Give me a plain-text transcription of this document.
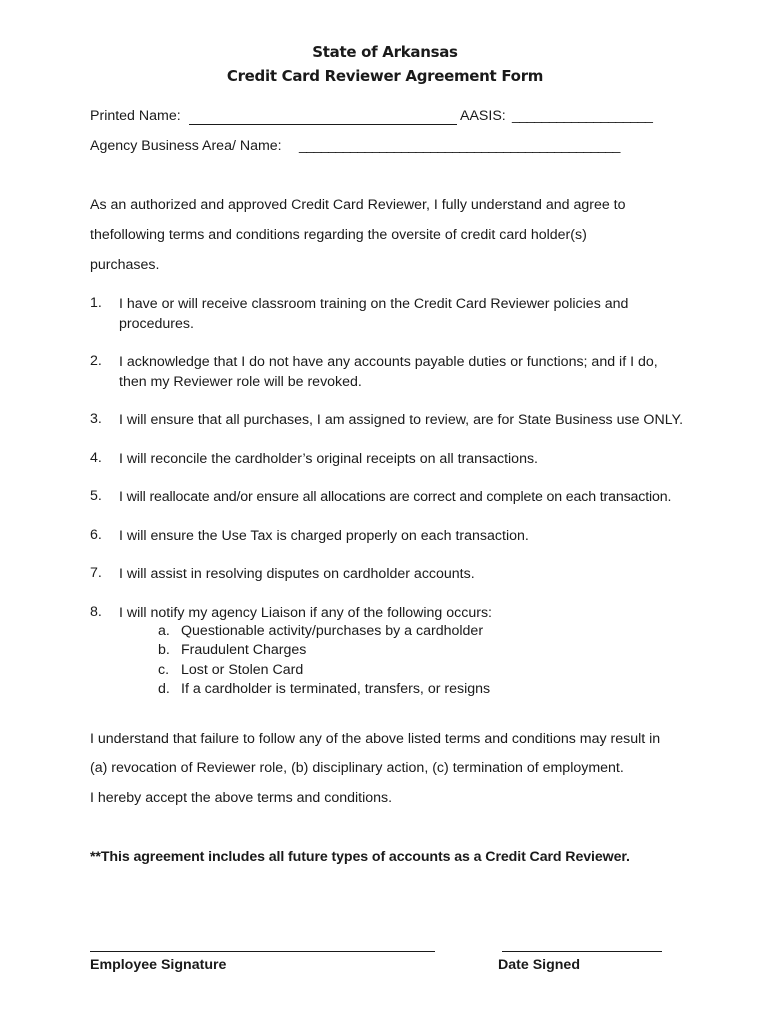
State of Arkansas
Credit Card Reviewer Agreement Form
Printed Name:	AASIS: ___________________
Agency Business Area/ Name: ____________________________________________
As an authorized and approved Credit Card Reviewer, I fully understand and agree to
thefollowing terms and conditions regarding the oversite of credit card holder(s)
purchases.
1. I have or will receive classroom training on the Credit Card Reviewer policies and
procedures.
2. I acknowledge that I do not have any accounts payable duties or functions; and if I do,
then my Reviewer role will be revoked.
3. I will ensure that all purchases, I am assigned to review, are for State Business use ONLY.
4. I will reconcile the cardholder’s original receipts on all transactions.
5. I will reallocate and/or ensure all allocations are correct and complete on each transaction.
6. I will ensure the Use Tax is charged properly on each transaction.
7. I will assist in resolving disputes on cardholder accounts.
8. I will notify my agency Liaison if any of the following occurs:
a. Questionable activity/purchases by a cardholder
b. Fraudulent Charges
c. Lost or Stolen Card
d. If a cardholder is terminated, transfers, or resigns
I understand that failure to follow any of the above listed terms and conditions may result in
(a) revocation of Reviewer role, (b) disciplinary action, (c) termination of employment.
I hereby accept the above terms and conditions.
**This agreement includes all future types of accounts as a Credit Card Reviewer.
Employee Signature	Date Signed
